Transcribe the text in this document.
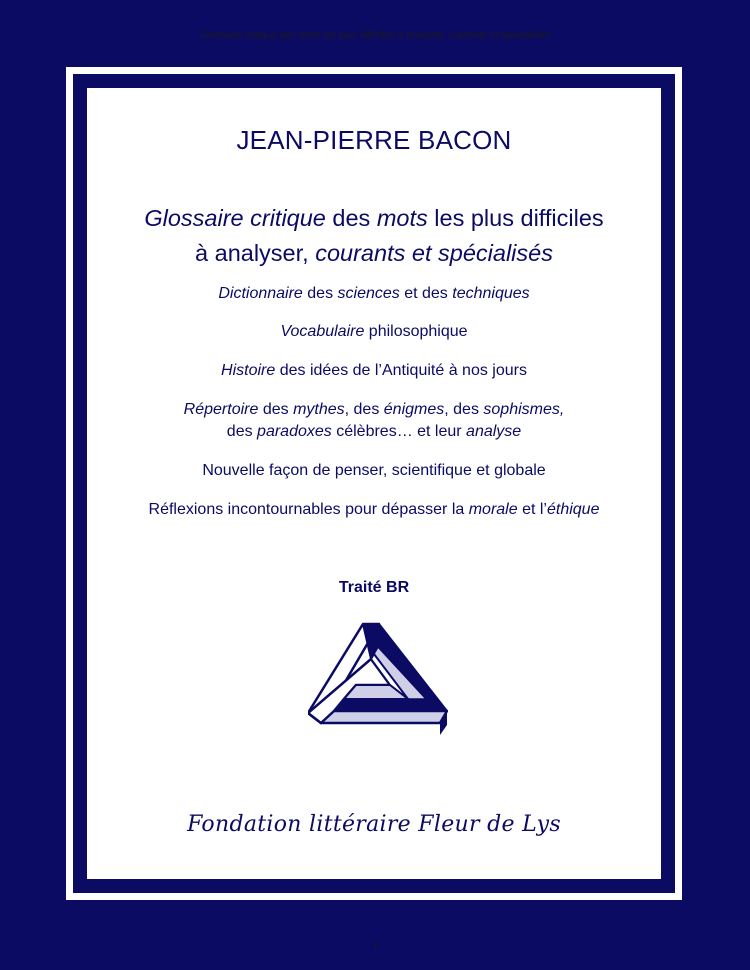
Glossaire critique des mots les plus difficiles à analyser, courants et spécialisés
JEAN-PIERRE BACON
Glossaire critique des mots les plus difficiles
à analyser, courants et spécialisés
Dictionnaire des sciences et des techniques
Vocabulaire philosophique
Histoire des idées de l’Antiquité à nos jours
Répertoire des mythes, des énigmes, des sophismes,
des paradoxes célèbres… et leur analyse
Nouvelle façon de penser, scientifique et globale
Réflexions incontournables pour dépasser la morale et l’éthique
Traité BR
Fondation littéraire Fleur de Lys
1
